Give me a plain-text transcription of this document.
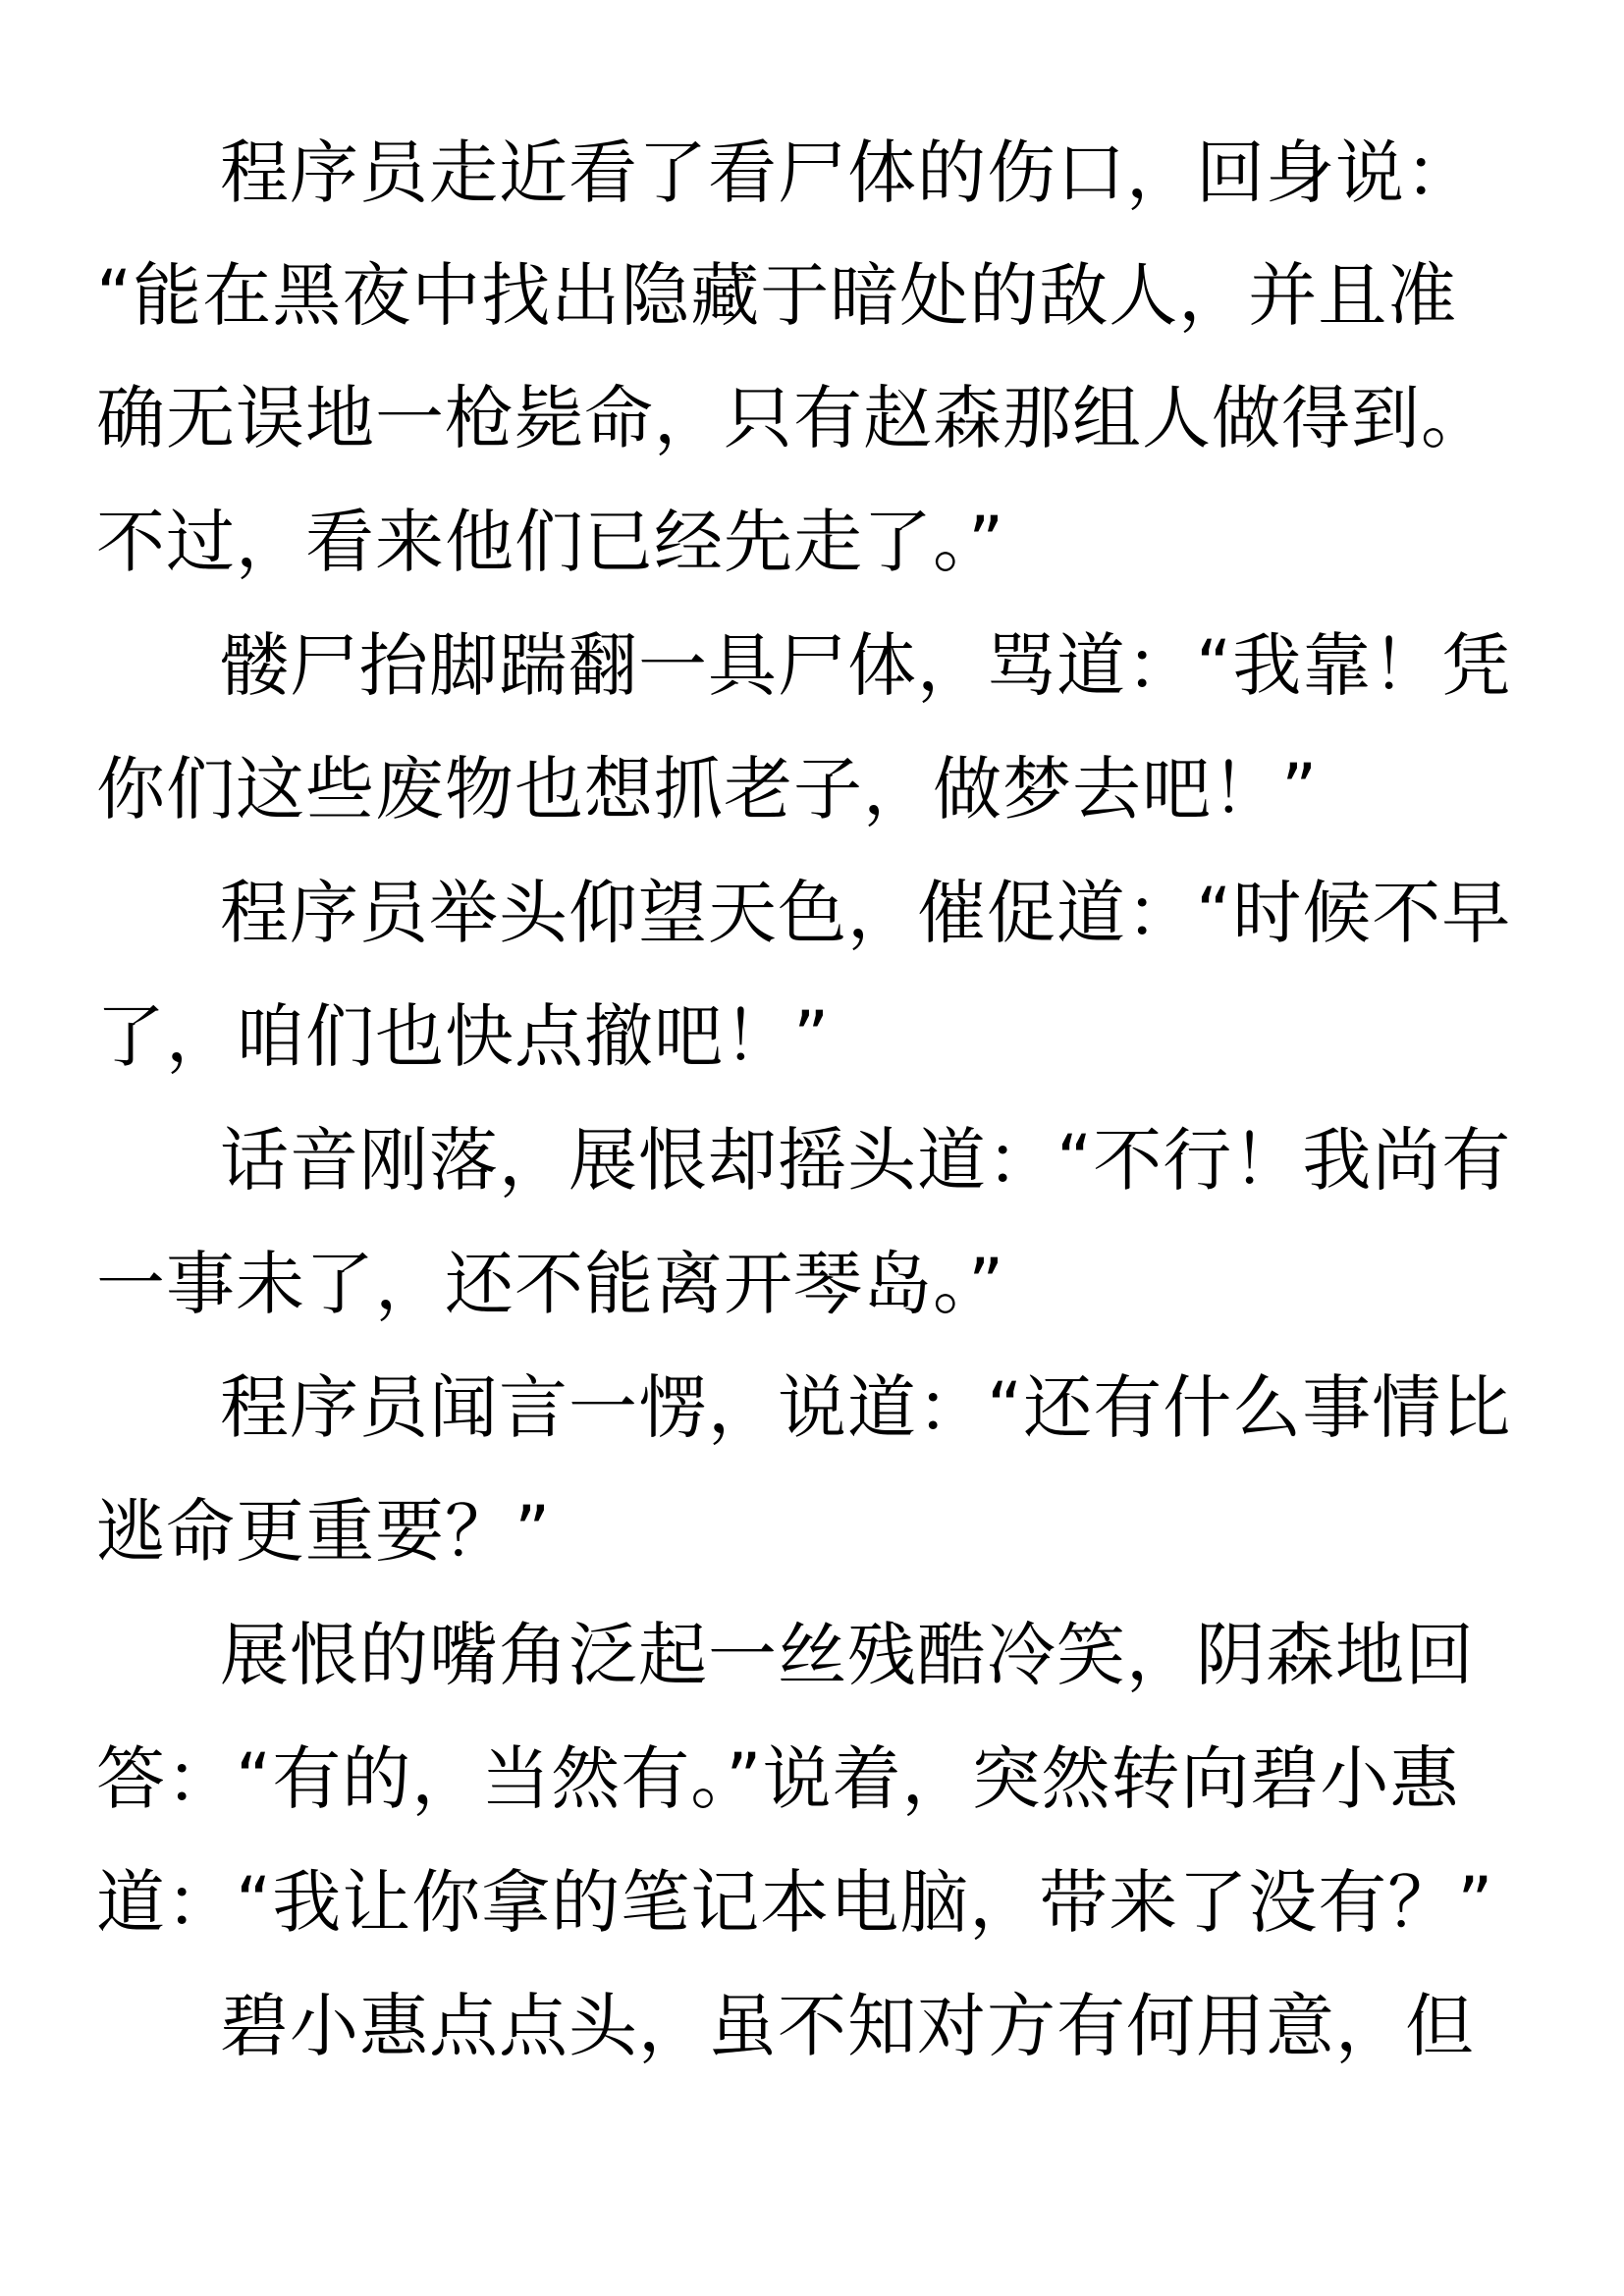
程序员走近看了看尸体的伤口，回身说：
“能在黑夜中找出隐藏于暗处的敌人，并且准
确无误地一枪毙命，只有赵森那组人做得到。
不过，看来他们已经先走了。”
髅尸抬脚踹翻一具尸体，骂道：“我靠！凭
你们这些废物也想抓老子，做梦去吧！”
程序员举头仰望天色，催促道：“时候不早
了，咱们也快点撤吧！”
话音刚落，展恨却摇头道：“不行！我尚有
一事未了，还不能离开琴岛。”
程序员闻言一愣，说道：“还有什么事情比
逃命更重要？”
展恨的嘴角泛起一丝残酷冷笑，阴森地回
答：“有的，当然有。”说着，突然转向碧小惠
道：“我让你拿的笔记本电脑，带来了没有？”
碧小惠点点头，虽不知对方有何用意，但
